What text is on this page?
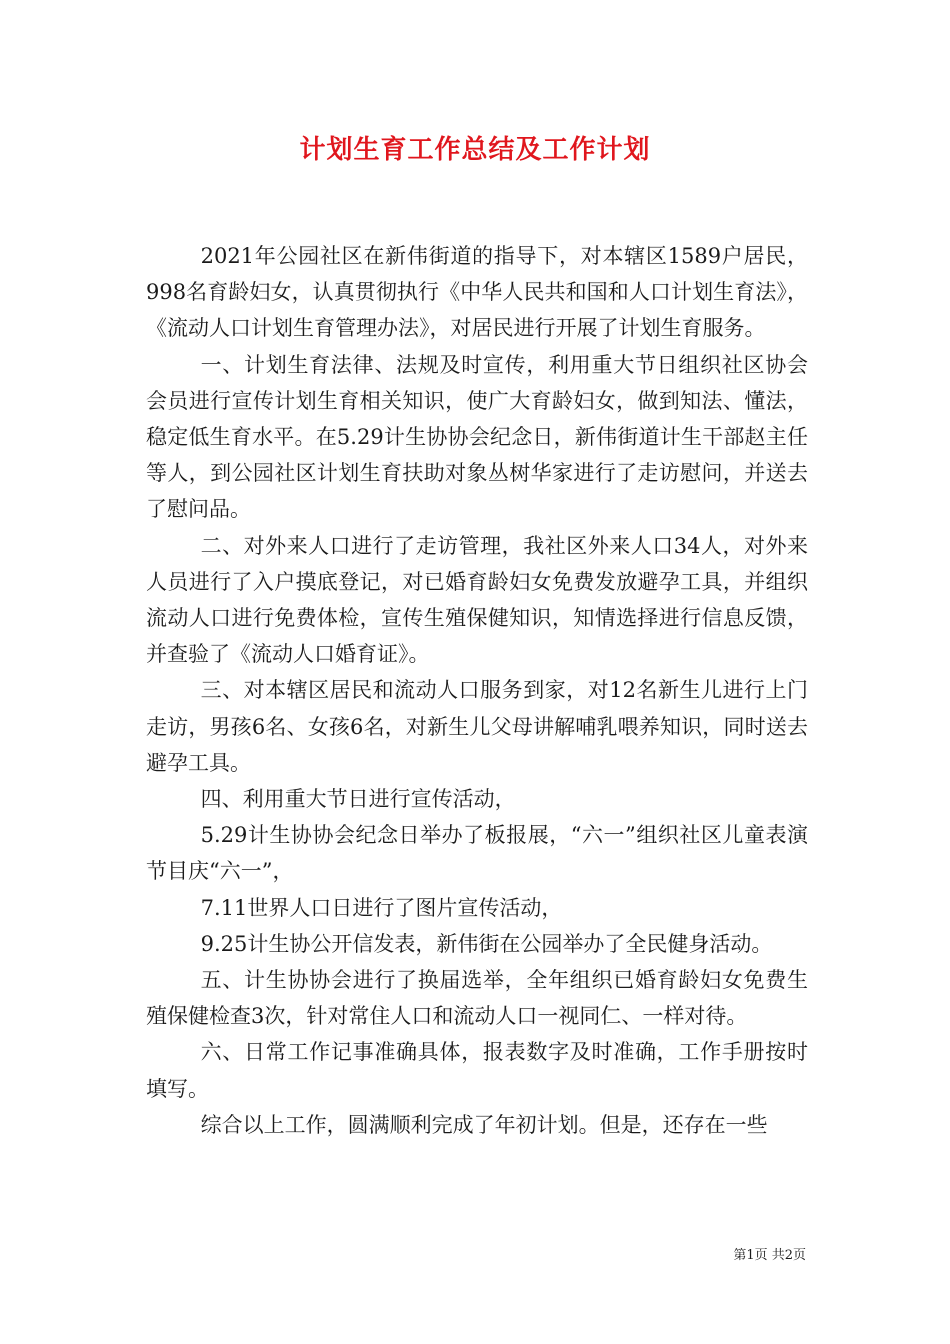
计划生育工作总结及工作计划

2021年公园社区在新伟街道的指导下，对本辖区1589户居民，998名育龄妇女，认真贯彻执行《中华人民共和国和人口计划生育法》，《流动人口计划生育管理办法》，对居民进行开展了计划生育服务。

一、计划生育法律、法规及时宣传，利用重大节日组织社区协会会员进行宣传计划生育相关知识，使广大育龄妇女，做到知法、懂法，稳定低生育水平。在5.29计生协协会纪念日，新伟街道计生干部赵主任等人，到公园社区计划生育扶助对象丛树华家进行了走访慰问，并送去了慰问品。

二、对外来人口进行了走访管理，我社区外来人口34人，对外来人员进行了入户摸底登记，对已婚育龄妇女免费发放避孕工具，并组织流动人口进行免费体检，宣传生殖保健知识，知情选择进行信息反馈，并查验了《流动人口婚育证》。

三、对本辖区居民和流动人口服务到家，对12名新生儿进行上门走访，男孩6名、女孩6名，对新生儿父母讲解哺乳喂养知识，同时送去避孕工具。

四、利用重大节日进行宣传活动，

5.29计生协协会纪念日举办了板报展，“六一”组织社区儿童表演节目庆“六一”，

7.11世界人口日进行了图片宣传活动，

9.25计生协公开信发表，新伟街在公园举办了全民健身活动。

五、计生协协会进行了换届选举，全年组织已婚育龄妇女免费生殖保健检查3次，针对常住人口和流动人口一视同仁、一样对待。

六、日常工作记事准确具体，报表数字及时准确，工作手册按时填写。

综合以上工作，圆满顺利完成了年初计划。但是，还存在一些

第1页 共2页
